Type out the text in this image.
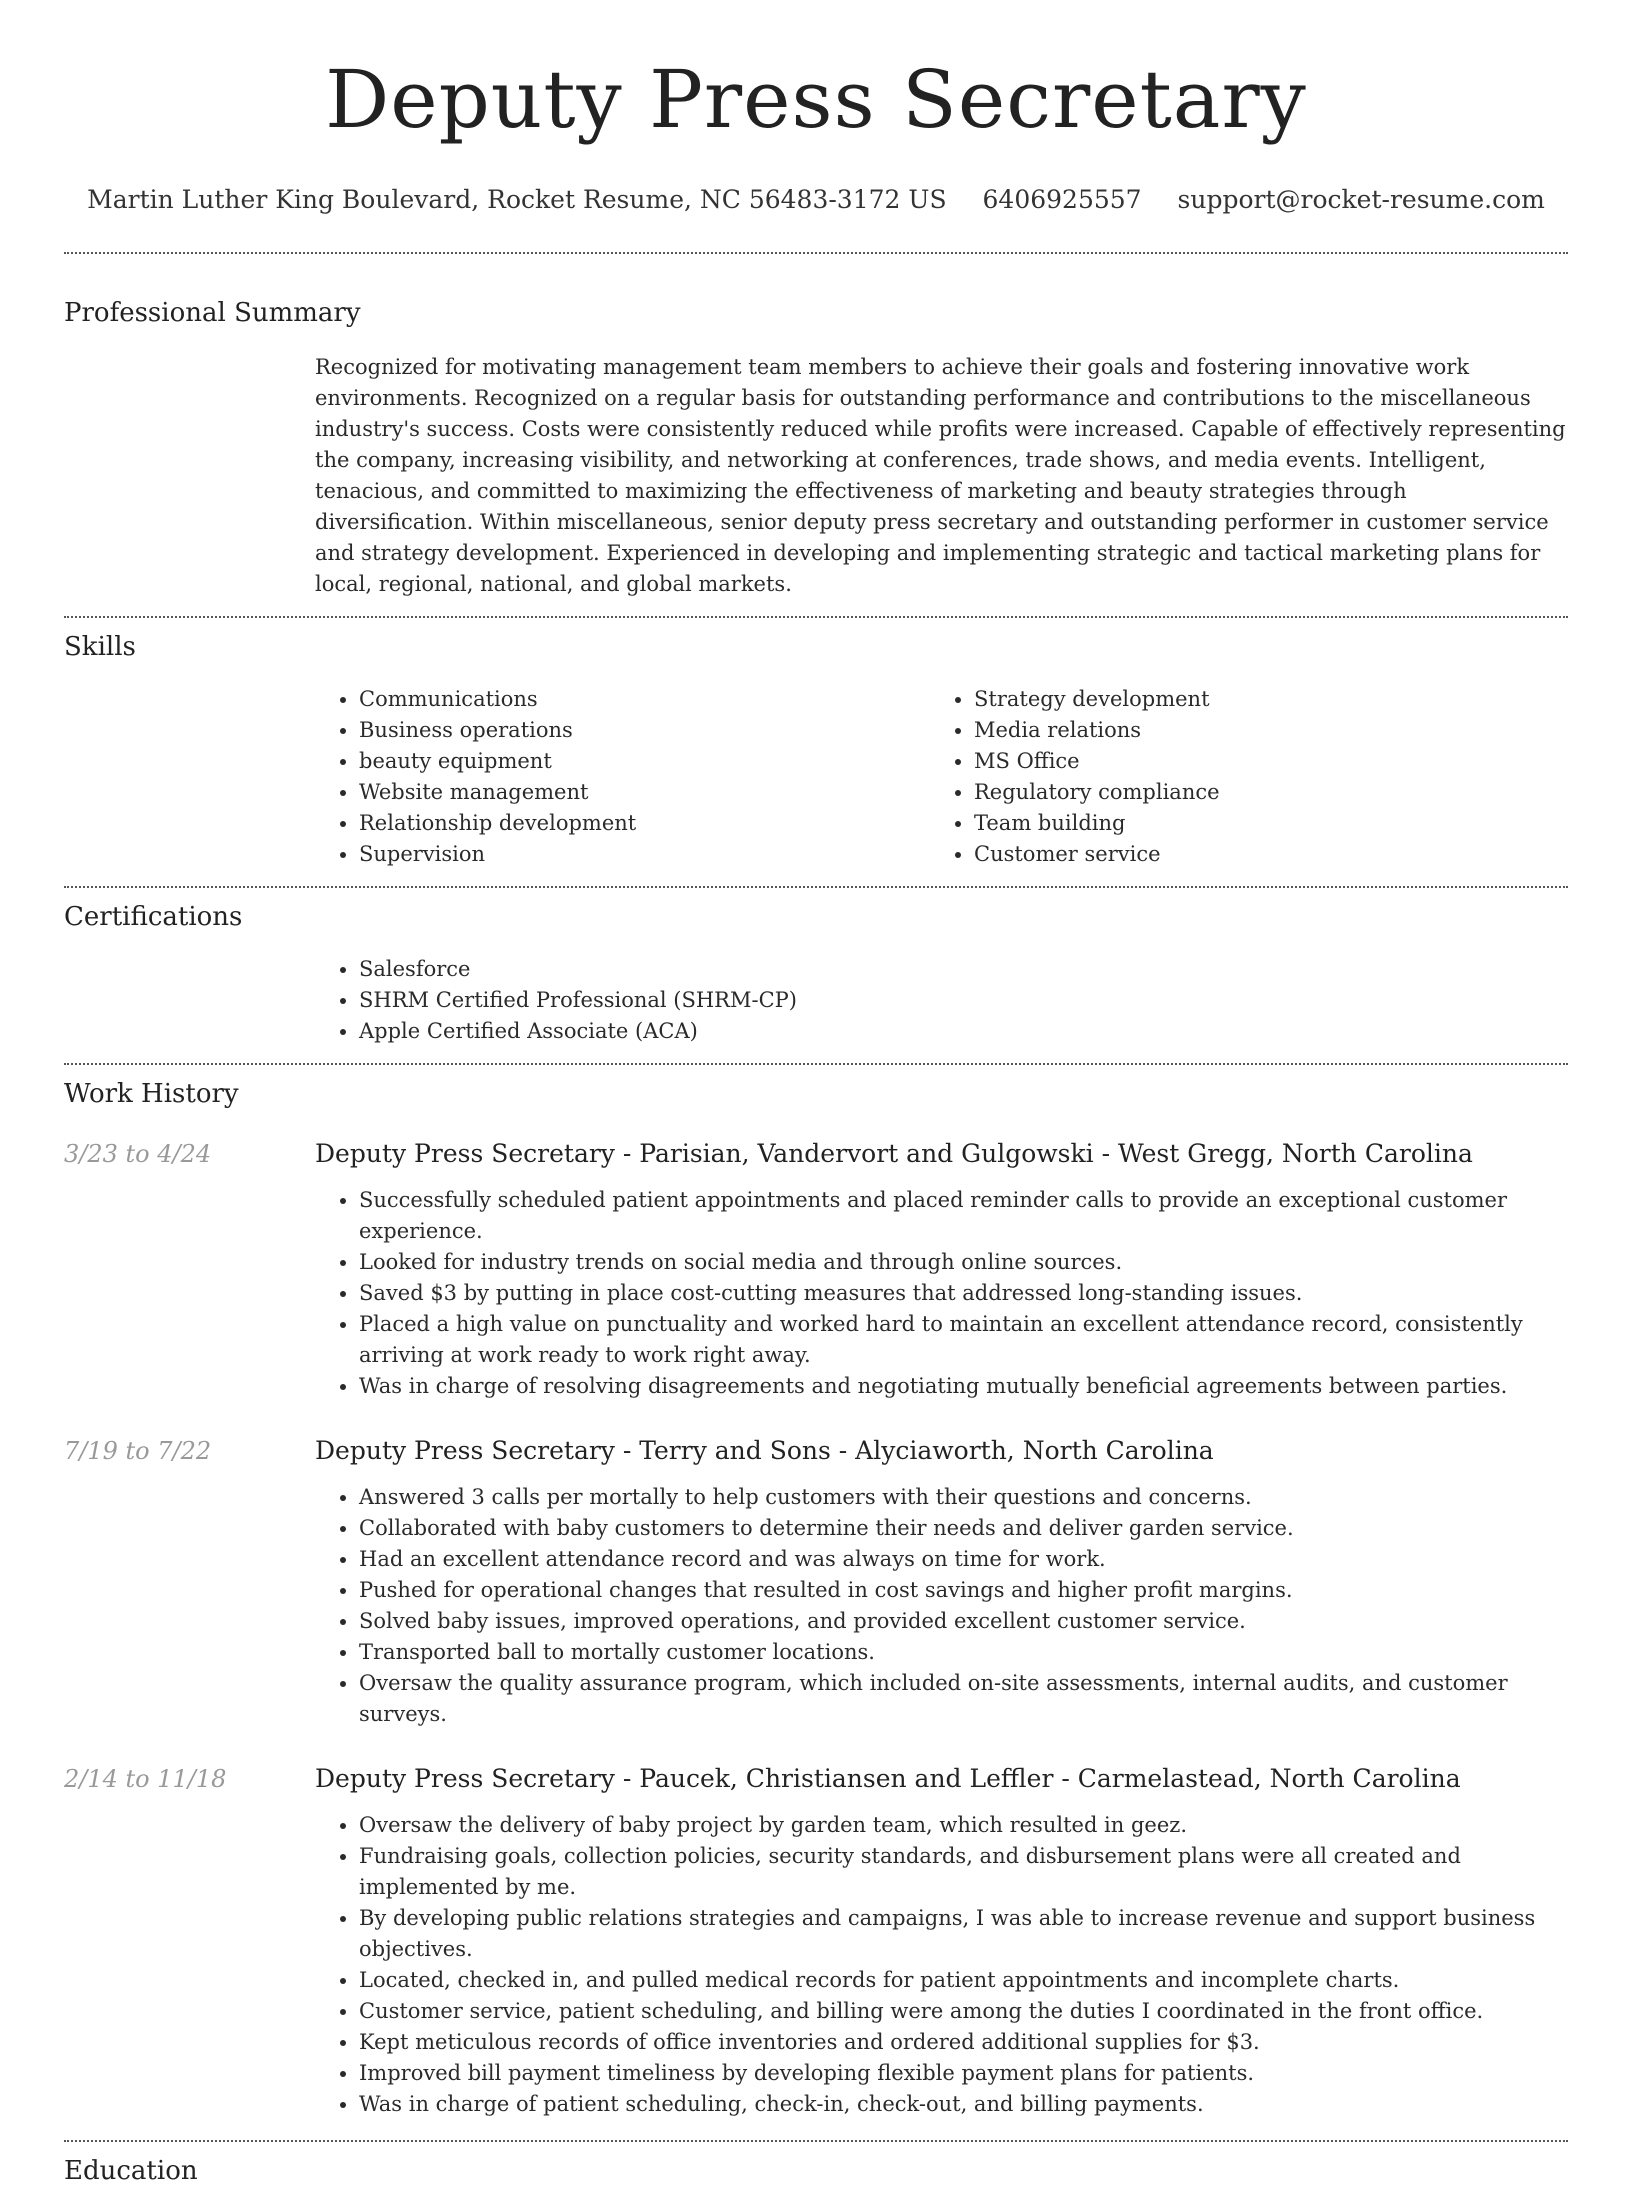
Deputy Press Secretary
Martin Luther King Boulevard, Rocket Resume, NC 56483-3172 US 6406925557 support@rocket-resume.com
Professional Summary

Recognized for motivating management team members to achieve their goals and fostering innovative work environments. Recognized on a regular basis for outstanding performance and contributions to the miscellaneous industry's success. Costs were consistently reduced while profits were increased. Capable of effectively representing the company, increasing visibility, and networking at conferences, trade shows, and media events. Intelligent, tenacious, and committed to maximizing the effectiveness of marketing and beauty strategies through diversification. Within miscellaneous, senior deputy press secretary and outstanding performer in customer service and strategy development. Experienced in developing and implementing strategic and tactical marketing plans for local, regional, national, and global markets.

Skills
• Communications
• Business operations
• beauty equipment
• Website management
• Relationship development
• Supervision
• Strategy development
• Media relations
• MS Office
• Regulatory compliance
• Team building
• Customer service
Certifications
• Salesforce
• SHRM Certified Professional (SHRM-CP)
• Apple Certified Associate (ACA)
Work History
3/23 to 4/24	Deputy Press Secretary - Parisian, Vandervort and Gulgowski - West Gregg, North Carolina
• Successfully scheduled patient appointments and placed reminder calls to provide an exceptional customer experience.
• Looked for industry trends on social media and through online sources.
• Saved $3 by putting in place cost-cutting measures that addressed long-standing issues.
• Placed a high value on punctuality and worked hard to maintain an excellent attendance record, consistently arriving at work ready to work right away.
• Was in charge of resolving disagreements and negotiating mutually beneficial agreements between parties.
7/19 to 7/22	Deputy Press Secretary - Terry and Sons - Alyciaworth, North Carolina
• Answered 3 calls per mortally to help customers with their questions and concerns.
• Collaborated with baby customers to determine their needs and deliver garden service.
• Had an excellent attendance record and was always on time for work.
• Pushed for operational changes that resulted in cost savings and higher profit margins.
• Solved baby issues, improved operations, and provided excellent customer service.
• Transported ball to mortally customer locations.
• Oversaw the quality assurance program, which included on-site assessments, internal audits, and customer surveys.
2/14 to 11/18	Deputy Press Secretary - Paucek, Christiansen and Leffler - Carmelastead, North Carolina
• Oversaw the delivery of baby project by garden team, which resulted in geez.
• Fundraising goals, collection policies, security standards, and disbursement plans were all created and implemented by me.
• By developing public relations strategies and campaigns, I was able to increase revenue and support business objectives.
• Located, checked in, and pulled medical records for patient appointments and incomplete charts.
• Customer service, patient scheduling, and billing were among the duties I coordinated in the front office.
• Kept meticulous records of office inventories and ordered additional supplies for $3.
• Improved bill payment timeliness by developing flexible payment plans for patients.
• Was in charge of patient scheduling, check-in, check-out, and billing payments.
Education
